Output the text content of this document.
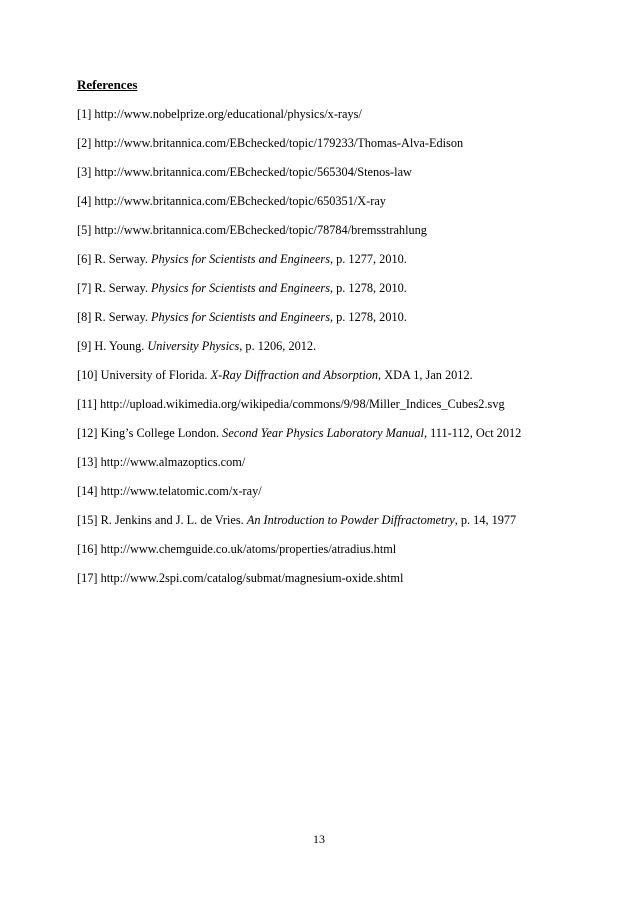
References
[1] http://www.nobelprize.org/educational/physics/x-rays/
[2] http://www.britannica.com/EBchecked/topic/179233/Thomas-Alva-Edison
[3] http://www.britannica.com/EBchecked/topic/565304/Stenos-law
[4] http://www.britannica.com/EBchecked/topic/650351/X-ray
[5] http://www.britannica.com/EBchecked/topic/78784/bremsstrahlung
[6] R. Serway. Physics for Scientists and Engineers, p. 1277, 2010.
[7] R. Serway. Physics for Scientists and Engineers, p. 1278, 2010.
[8] R. Serway. Physics for Scientists and Engineers, p. 1278, 2010.
[9] H. Young. University Physics, p. 1206, 2012.
[10] University of Florida. X-Ray Diffraction and Absorption, XDA 1, Jan 2012.
[11] http://upload.wikimedia.org/wikipedia/commons/9/98/Miller_Indices_Cubes2.svg
[12] King’s College London. Second Year Physics Laboratory Manual, 111-112, Oct 2012
[13] http://www.almazoptics.com/
[14] http://www.telatomic.com/x-ray/
[15] R. Jenkins and J. L. de Vries. An Introduction to Powder Diffractometry, p. 14, 1977
[16] http://www.chemguide.co.uk/atoms/properties/atradius.html
[17] http://www.2spi.com/catalog/submat/magnesium-oxide.shtml
13
